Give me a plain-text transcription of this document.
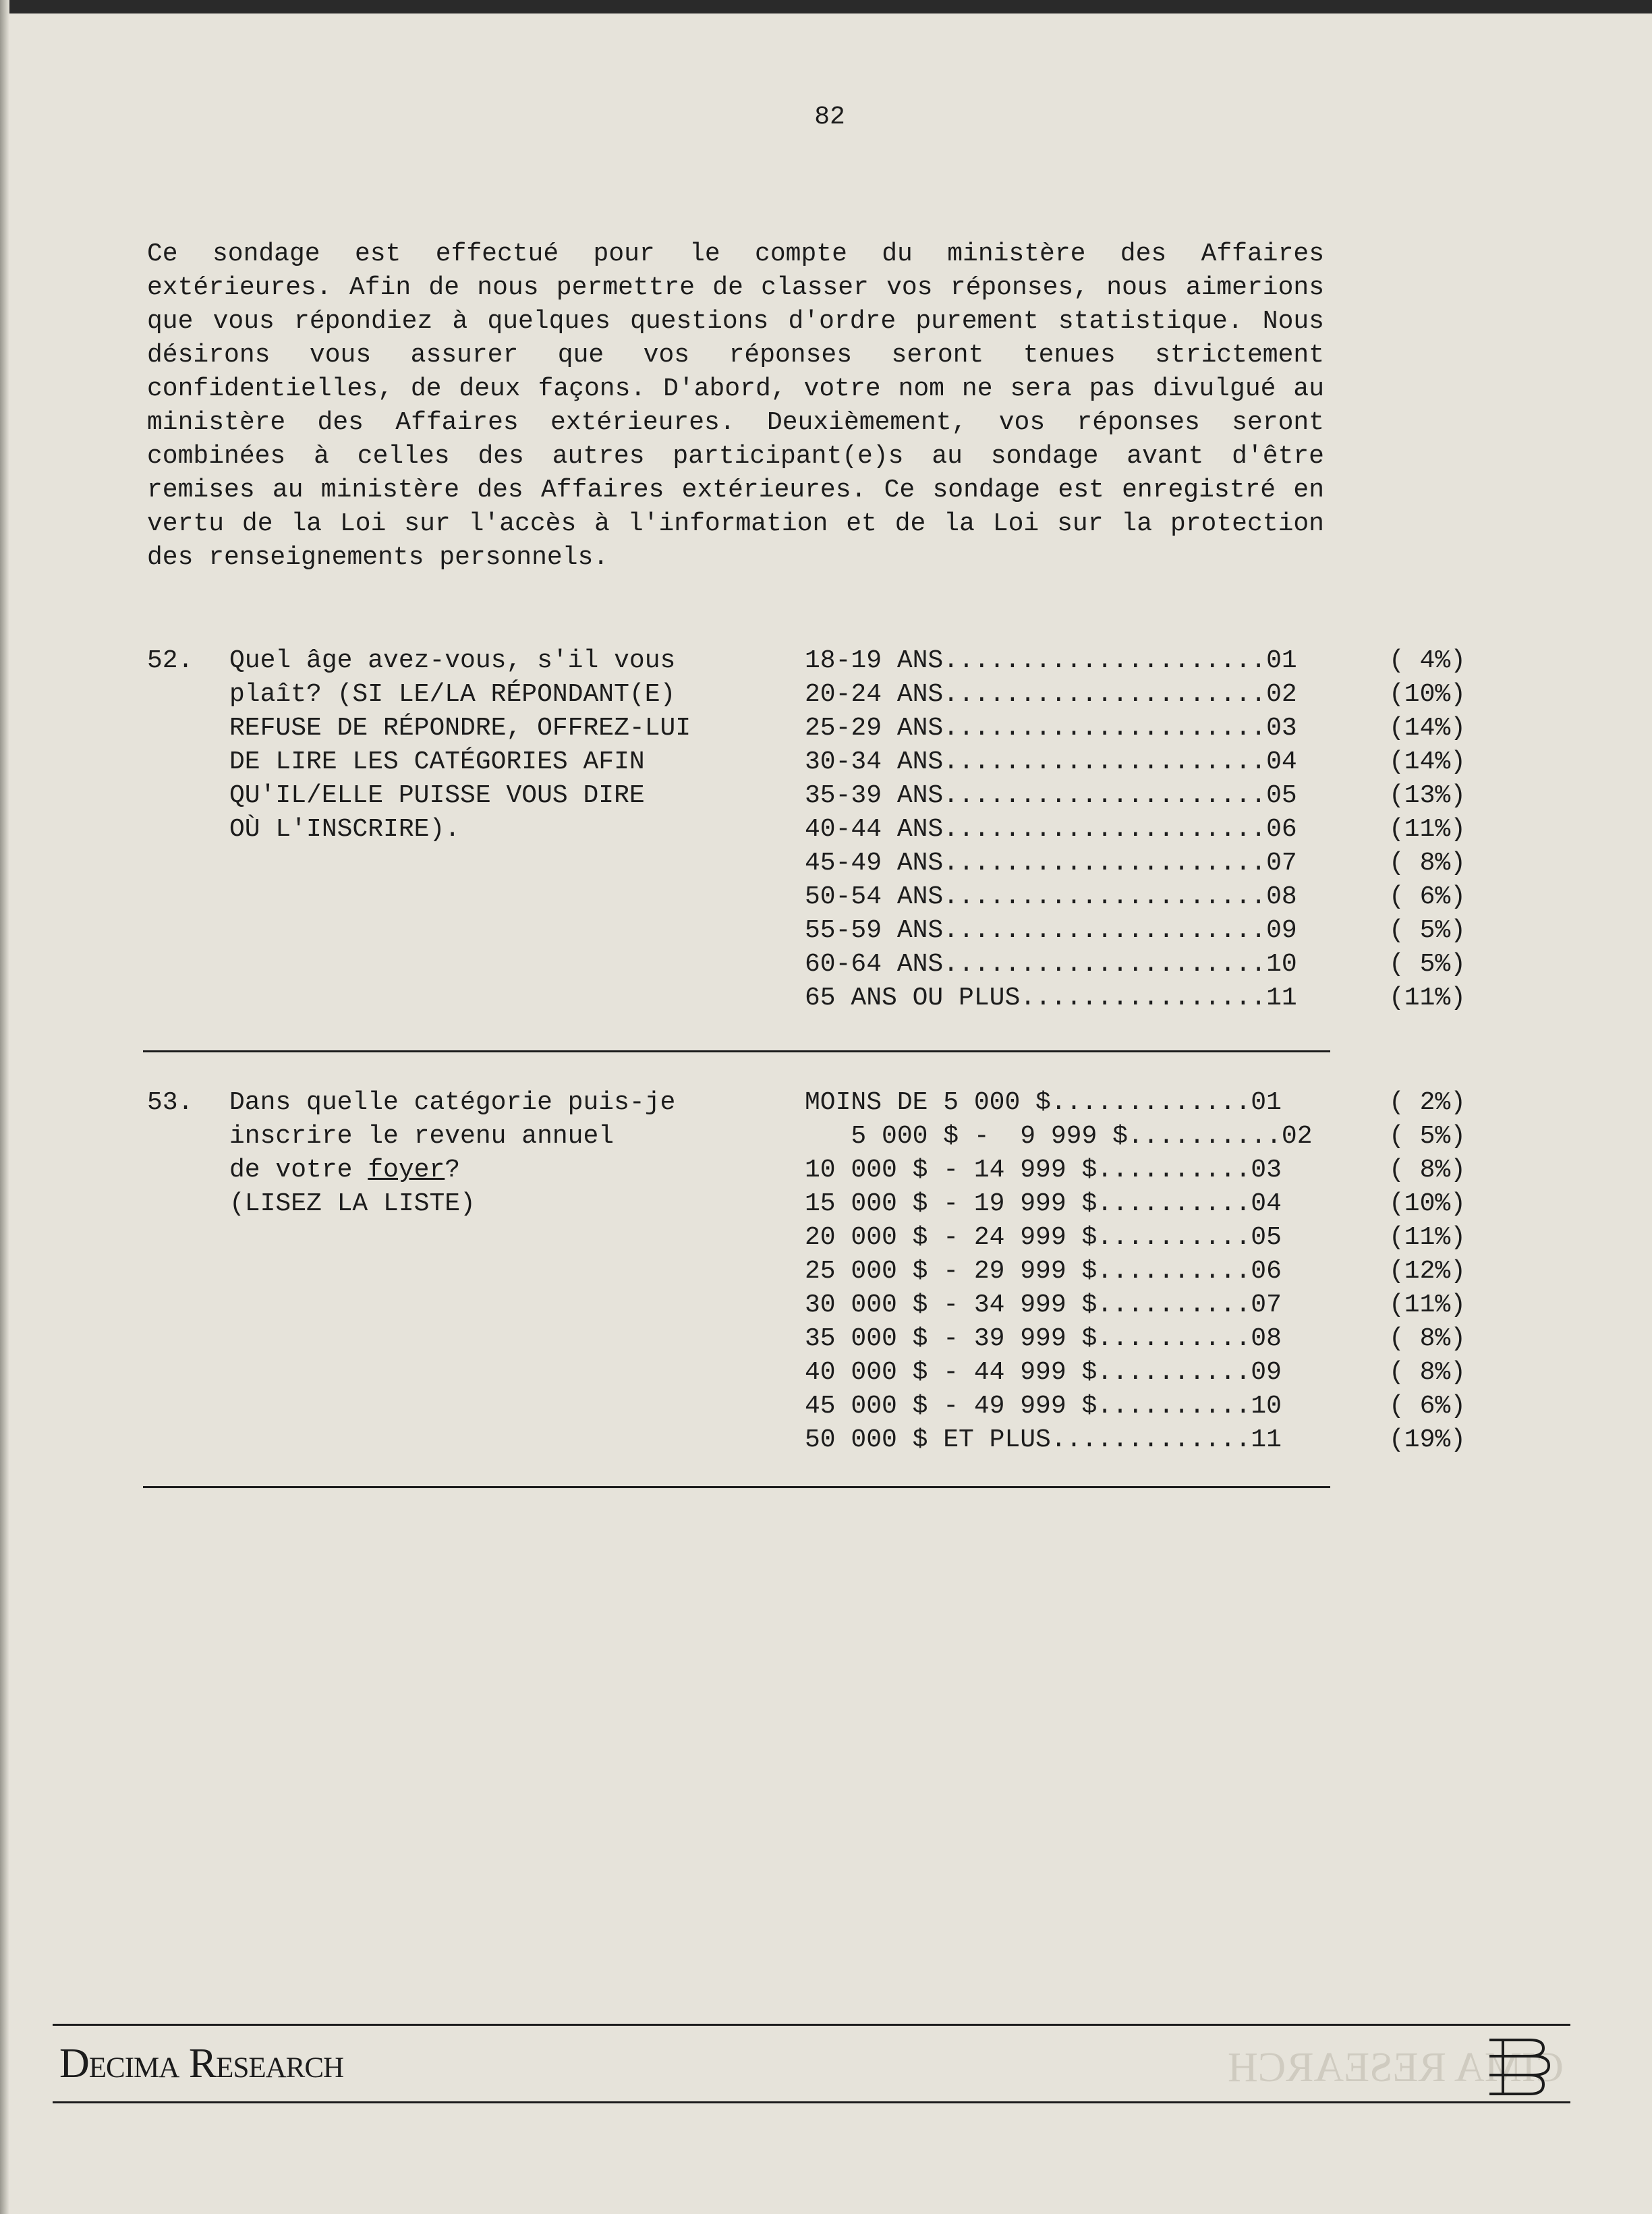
82
Ce sondage est effectué pour le compte du ministère des Affaires extérieures. Afin de nous permettre de classer vos réponses, nous aimerions que vous répondiez à quelques questions d'ordre purement statistique. Nous désirons vous assurer que vos réponses seront tenues strictement confidentielles, de deux façons. D'abord, votre nom ne sera pas divulgué au ministère des Affaires extérieures. Deuxièmement, vos réponses seront combinées à celles des autres participant(e)s au sondage avant d'être remises au ministère des Affaires extérieures. Ce sondage est enregistré en vertu de la Loi sur l'accès à l'information et de la Loi sur la protection des renseignements personnels.
52. Quel âge avez-vous, s'il vous
plaît? (SI LE/LA RÉPONDANT(E)
REFUSE DE RÉPONDRE, OFFREZ-LUI
DE LIRE LES CATÉGORIES AFIN
QU'IL/ELLE PUISSE VOUS DIRE
OÙ L'INSCRIRE).
18-19 ANS.....................01	( 4%)
20-24 ANS.....................02	(10%)
25-29 ANS.....................03	(14%)
30-34 ANS.....................04	(14%)
35-39 ANS.....................05	(13%)
40-44 ANS.....................06	(11%)
45-49 ANS.....................07	( 8%)
50-54 ANS.....................08	( 6%)
55-59 ANS.....................09	( 5%)
60-64 ANS.....................10	( 5%)
65 ANS OU PLUS................11	(11%)
53. Dans quelle catégorie puis-je
inscrire le revenu annuel
de votre foyer?
(LISEZ LA LISTE)
MOINS DE 5 000 $.............01	( 2%)
5 000 $ -  9 999 $..........02	( 5%)
10 000 $ - 14 999 $..........03	( 8%)
15 000 $ - 19 999 $..........04	(10%)
20 000 $ - 24 999 $..........05	(11%)
25 000 $ - 29 999 $..........06	(12%)
30 000 $ - 34 999 $..........07	(11%)
35 000 $ - 39 999 $..........08	( 8%)
40 000 $ - 44 999 $..........09	( 8%)
45 000 $ - 49 999 $..........10	( 6%)
50 000 $ ET PLUS.............11	(19%)
CIMA RESEARCH
Decima Research
